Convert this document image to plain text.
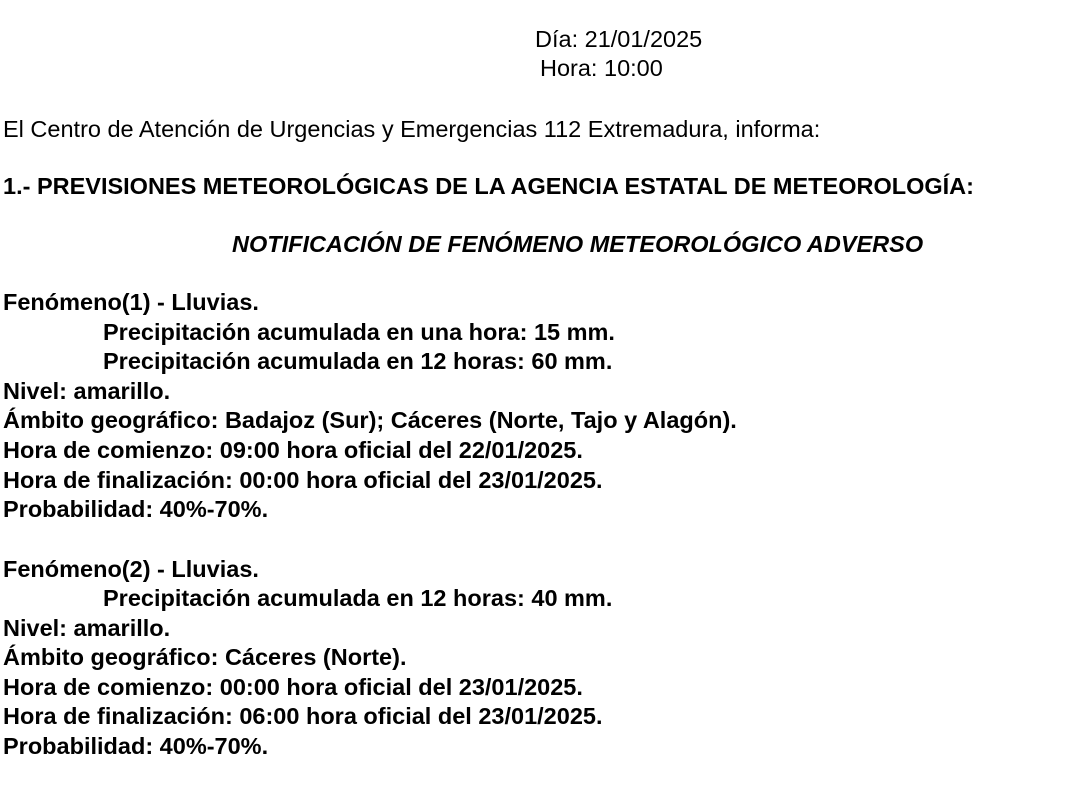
Día: 21/01/2025
Hora: 10:00
El Centro de Atención de Urgencias y Emergencias 112 Extremadura, informa:
1.- PREVISIONES METEOROLÓGICAS DE LA AGENCIA ESTATAL DE METEOROLOGÍA:
NOTIFICACIÓN DE FENÓMENO METEOROLÓGICO ADVERSO
Fenómeno(1) - Lluvias.
Precipitación acumulada en una hora: 15 mm.
Precipitación acumulada en 12 horas: 60 mm.
Nivel: amarillo.
Ámbito geográfico: Badajoz (Sur); Cáceres (Norte, Tajo y Alagón).
Hora de comienzo: 09:00 hora oficial del 22/01/2025.
Hora de finalización: 00:00 hora oficial del 23/01/2025.
Probabilidad: 40%-70%.
Fenómeno(2) - Lluvias.
Precipitación acumulada en 12 horas: 40 mm.
Nivel: amarillo.
Ámbito geográfico: Cáceres (Norte).
Hora de comienzo: 00:00 hora oficial del 23/01/2025.
Hora de finalización: 06:00 hora oficial del 23/01/2025.
Probabilidad: 40%-70%.
